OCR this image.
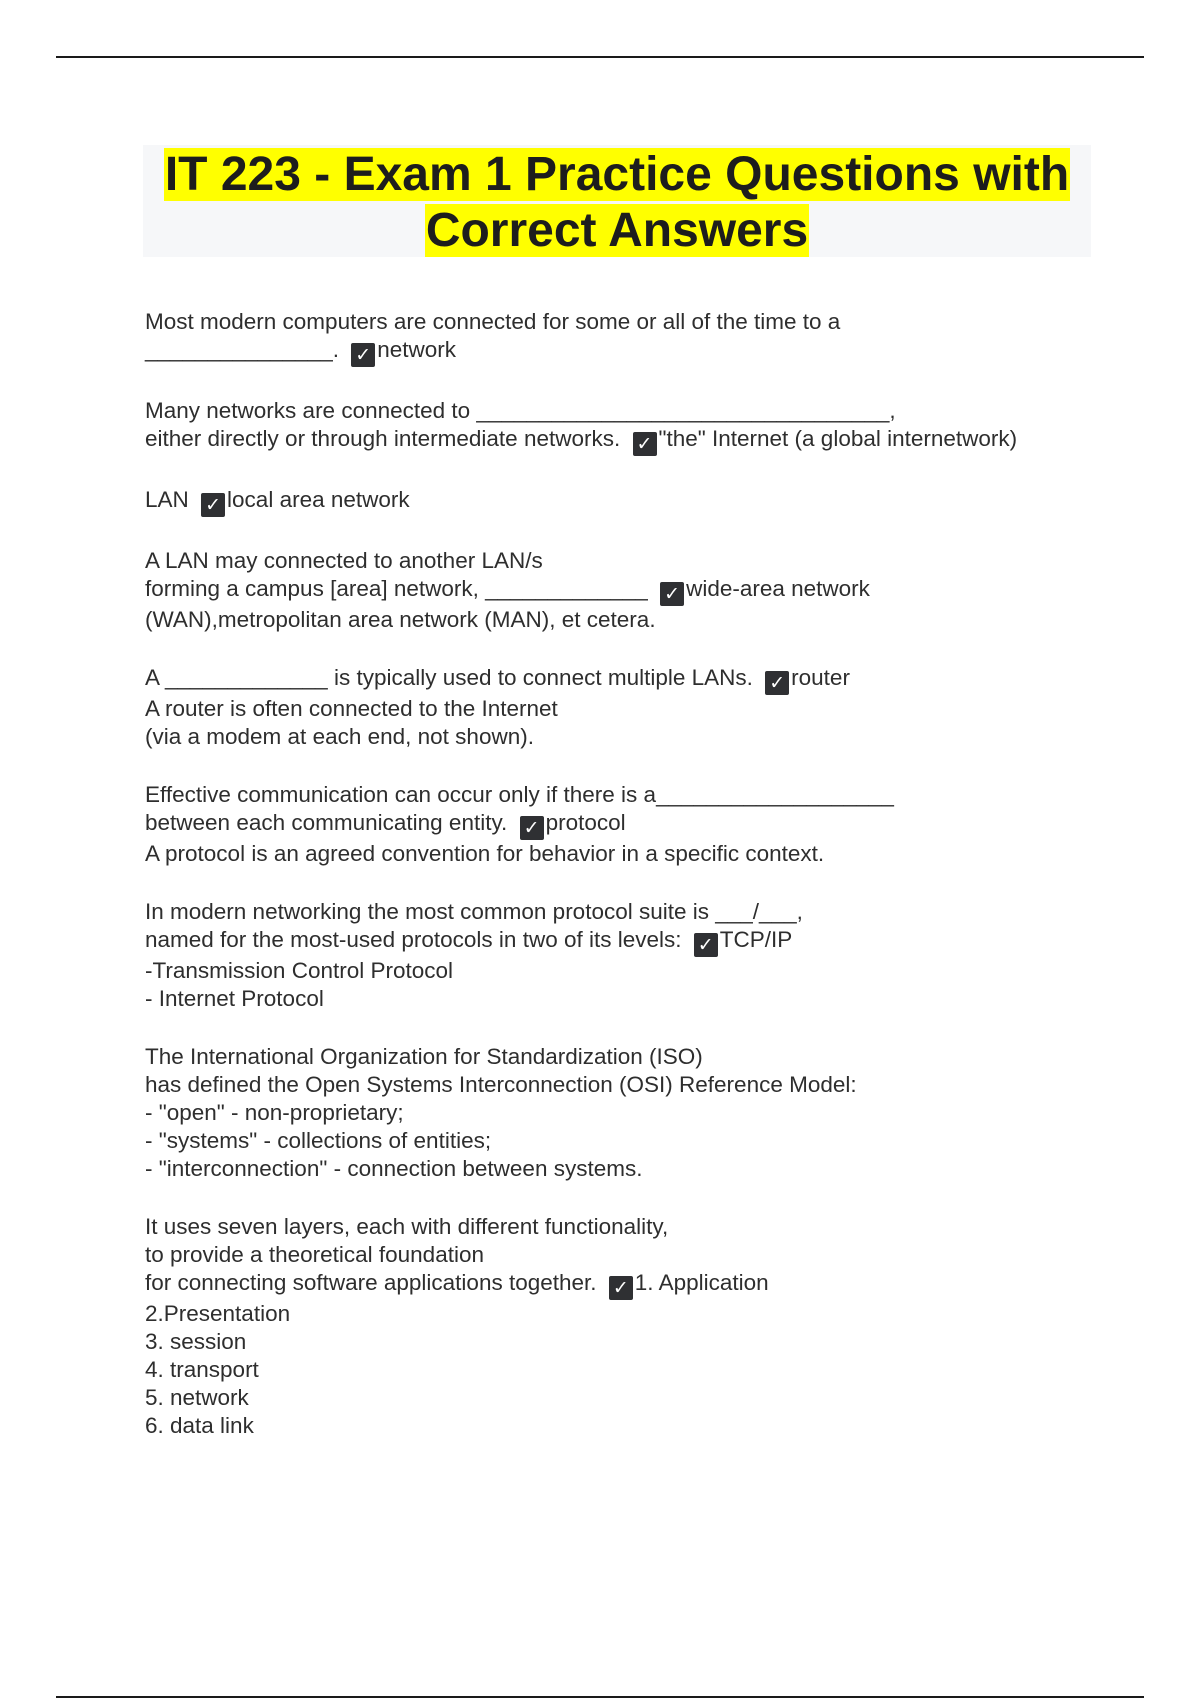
IT 223 - Exam 1 Practice Questions with
Correct Answers
Most modern computers are connected for some or all of the time to a
_______________. ✓ network
Many networks are connected to _________________________________,
either directly or through intermediate networks. ✓ "the" Internet (a global internetwork)
LAN ✓ local area network
A LAN may connected to another LAN/s
forming a campus [area] network, _____________ ✓ wide-area network
(WAN),metropolitan area network (MAN), et cetera.
A _____________ is typically used to connect multiple LANs. ✓ router
A router is often connected to the Internet
(via a modem at each end, not shown).
Effective communication can occur only if there is a___________________
between each communicating entity. ✓ protocol
A protocol is an agreed convention for behavior in a specific context.
In modern networking the most common protocol suite is ___/___,
named for the most-used protocols in two of its levels: ✓ TCP/IP
-Transmission Control Protocol
- Internet Protocol
The International Organization for Standardization (ISO)
has defined the Open Systems Interconnection (OSI) Reference Model:
- "open" - non-proprietary;
- "systems" - collections of entities;
- "interconnection" - connection between systems.
It uses seven layers, each with different functionality,
to provide a theoretical foundation
for connecting software applications together. ✓ 1. Application
2.Presentation
3. session
4. transport
5. network
6. data link
